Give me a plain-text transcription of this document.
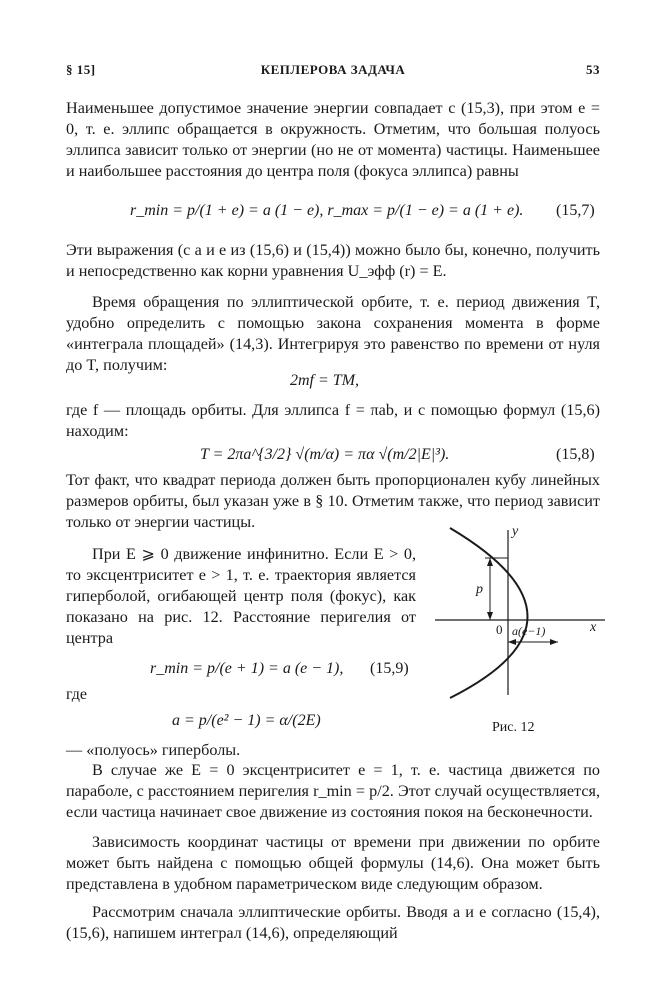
§ 15]	КЕПЛЕРОВА ЗАДАЧА	53

Наименьшее допустимое значение энергии совпадает с (15,3), при этом e = 0, т. е. эллипс обращается в окружность. Отметим, что большая полуось эллипса зависит только от энергии (но не от момента) частицы. Наименьшее и наибольшее расстояния до центра поля (фокуса эллипса) равны

r_min = p/(1 + e) = a (1 − e), r_max = p/(1 − e) = a (1 + e). (15,7)

Эти выражения (с a и e из (15,6) и (15,4)) можно было бы, конечно, получить и непосредственно как корни уравнения U_эфф (r) = E.

Время обращения по эллиптической орбите, т. е. период движения T, удобно определить с помощью закона сохранения момента в форме «интеграла площадей» (14,3). Интегрируя это равенство по времени от нуля до T, получим:

2mf = TM,

где f — площадь орбиты. Для эллипса f = πab, и с помощью формул (15,6) находим:

T = 2πa^{3/2} √(m/α) = πα √(m/2|E|³).	(15,8)

Тот факт, что квадрат периода должен быть пропорционален кубу линейных размеров орбиты, был указан уже в § 10. Отметим также, что период зависит только от энергии частицы.

При E ⩾ 0 движение инфинитно. Если E > 0, то эксцентриситет e > 1, т. е. траектория является гиперболой, огибающей центр поля (фокус), как показано на рис. 12. Расстояние перигелия от центра

r_min = p/(e + 1) = a (e − 1), (15,9)
где
a = p/(e² − 1) = α/(2E)

— «полуось» гиперболы.

В случае же E = 0 эксцентриситет e = 1, т. е. частица движется по параболе, с расстоянием перигелия r_min = p/2. Этот случай осуществляется, если частица начинает свое движение из состояния покоя на бесконечности.

Зависимость координат частицы от времени при движении по орбите может быть найдена с помощью общей формулы (14,6). Она может быть представлена в удобном параметрическом виде следующим образом.

Рассмотрим сначала эллиптические орбиты. Вводя a и e согласно (15,4), (15,6), напишем интеграл (14,6), определяющий

y
x
0
p
a(e−1)
Рис. 12
